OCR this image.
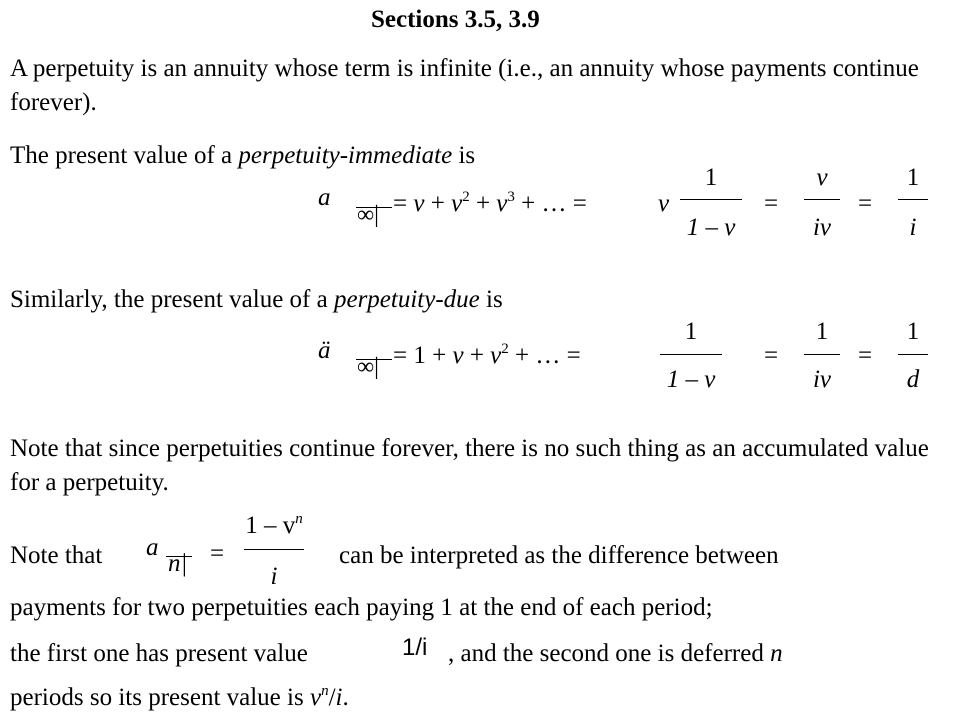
Sections 3.5, 3.9
A perpetuity is an annuity whose term is infinite (i.e., an annuity whose payments continue forever).
The present value of a perpetuity-immediate is
a
∞| = $v + v^2 + v^3$ + … =	v
1
1 – v
=
v
iv
=
1
i
Similarly, the present value of a perpetuity-due is
ä
∞| = $1 + v + v^2$ + … =
1
1 – v
=
1
iv
=
1
d
Note that since perpetuities continue forever, there is no such thing as an accumulated value for a perpetuity.
Note that a
n| =
$1 - v^n$
i
can be interpreted as the difference between
payments for two perpetuities each paying 1 at the end of each period;
the first one has present value	1/i , and the second one is deferred n
periods so its present value is $v^n/i$.
